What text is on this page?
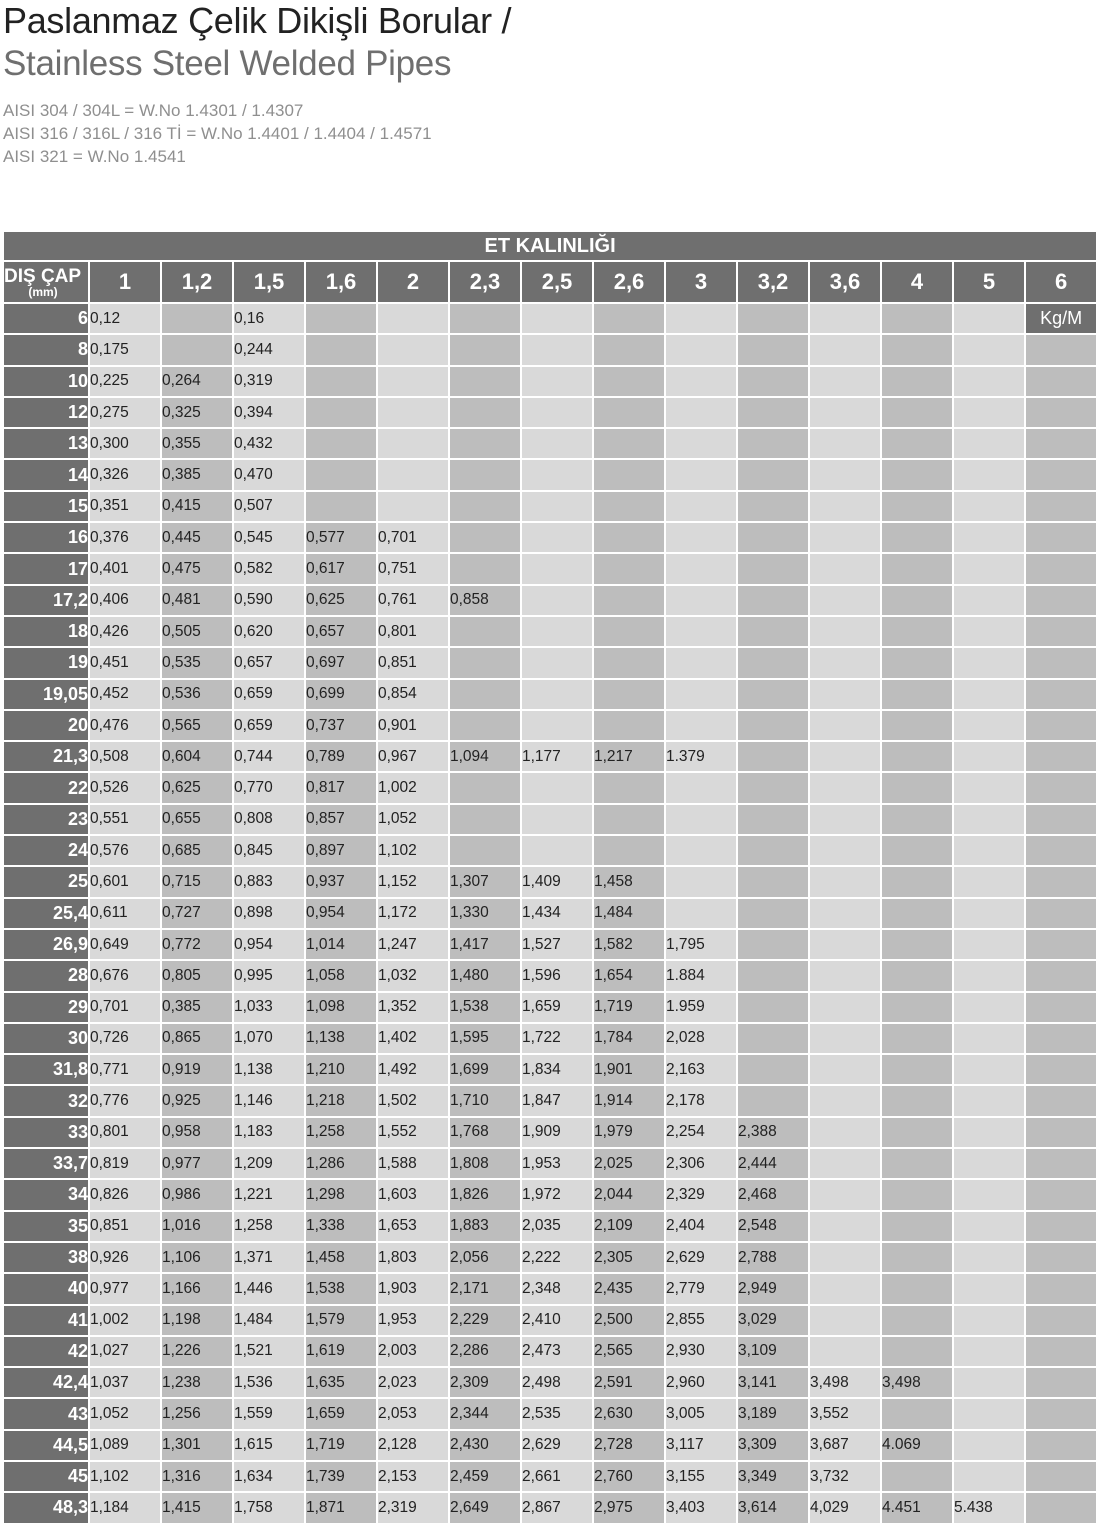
Paslanmaz Çelik Dikişli Borular /
Stainless Steel Welded Pipes
AISI 304 / 304L = W.No 1.4301 / 1.4307
AISI 316 / 316L / 316 Tİ = W.No 1.4401 / 1.4404 / 1.4571
AISI 321 = W.No 1.4541
ET KALINLIĞI														

DIŞ ÇAP
(mm)	1	1,2	1,5	1,6	2	2,3	2,5	2,6	3	3,2	3,6	4	5	6
6	0,12		0,16											Kg/M
8	0,175		0,244											
10	0,225	0,264	0,319											
12	0,275	0,325	0,394											
13	0,300	0,355	0,432											
14	0,326	0,385	0,470											
15	0,351	0,415	0,507											
16	0,376	0,445	0,545	0,577	0,701									
17	0,401	0,475	0,582	0,617	0,751									
17,2	0,406	0,481	0,590	0,625	0,761	0,858								
18	0,426	0,505	0,620	0,657	0,801									
19	0,451	0,535	0,657	0,697	0,851									
19,05	0,452	0,536	0,659	0,699	0,854									
20	0,476	0,565	0,659	0,737	0,901									
21,3	0,508	0,604	0,744	0,789	0,967	1,094	1,177	1,217	1.379					
22	0,526	0,625	0,770	0,817	1,002									
23	0,551	0,655	0,808	0,857	1,052									
24	0,576	0,685	0,845	0,897	1,102									
25	0,601	0,715	0,883	0,937	1,152	1,307	1,409	1,458						
25,4	0,611	0,727	0,898	0,954	1,172	1,330	1,434	1,484						
26,9	0,649	0,772	0,954	1,014	1,247	1,417	1,527	1,582	1,795					
28	0,676	0,805	0,995	1,058	1,032	1,480	1,596	1,654	1.884					
29	0,701	0,385	1,033	1,098	1,352	1,538	1,659	1,719	1.959					
30	0,726	0,865	1,070	1,138	1,402	1,595	1,722	1,784	2,028					
31,8	0,771	0,919	1,138	1,210	1,492	1,699	1,834	1,901	2,163					
32	0,776	0,925	1,146	1,218	1,502	1,710	1,847	1,914	2,178					
33	0,801	0,958	1,183	1,258	1,552	1,768	1,909	1,979	2,254	2,388				
33,7	0,819	0,977	1,209	1,286	1,588	1,808	1,953	2,025	2,306	2,444				
34	0,826	0,986	1,221	1,298	1,603	1,826	1,972	2,044	2,329	2,468				
35	0,851	1,016	1,258	1,338	1,653	1,883	2,035	2,109	2,404	2,548				
38	0,926	1,106	1,371	1,458	1,803	2,056	2,222	2,305	2,629	2,788				
40	0,977	1,166	1,446	1,538	1,903	2,171	2,348	2,435	2,779	2,949				
41	1,002	1,198	1,484	1,579	1,953	2,229	2,410	2,500	2,855	3,029				
42	1,027	1,226	1,521	1,619	2,003	2,286	2,473	2,565	2,930	3,109				
42,4	1,037	1,238	1,536	1,635	2,023	2,309	2,498	2,591	2,960	3,141	3,498	3,498		
43	1,052	1,256	1,559	1,659	2,053	2,344	2,535	2,630	3,005	3,189	3,552			
44,5	1,089	1,301	1,615	1,719	2,128	2,430	2,629	2,728	3,117	3,309	3,687	4.069		
45	1,102	1,316	1,634	1,739	2,153	2,459	2,661	2,760	3,155	3,349	3,732			
48,3	1,184	1,415	1,758	1,871	2,319	2,649	2,867	2,975	3,403	3,614	4,029	4.451	5.438	
